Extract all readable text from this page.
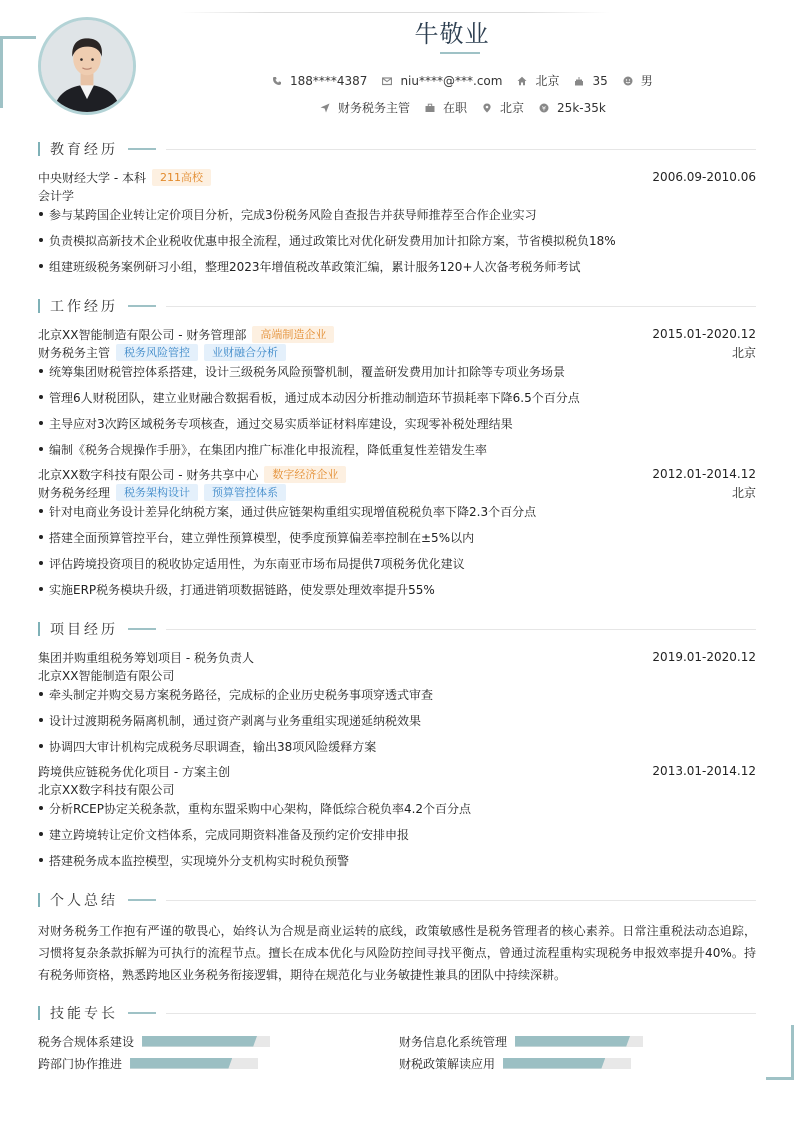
牛敬业
188****4387	niu****@***.com	北京	35	男
财务税务主管	在职	北京	¥ 25k-35k
教育经历
中央财经大学 - 本科	211高校	2006.09-2010.06
会计学
参与某跨国企业转让定价项目分析，完成3份税务风险自查报告并获导师推荐至合作企业实习
负责模拟高新技术企业税收优惠申报全流程，通过政策比对优化研发费用加计扣除方案，节省模拟税负18%
组建班级税务案例研习小组，整理2023年增值税改革政策汇编，累计服务120+人次备考税务师考试
工作经历
北京XX智能制造有限公司 - 财务管理部	高端制造企业	2015.01-2020.12
财务税务主管	税务风险管控	业财融合分析	北京
统筹集团财税管控体系搭建，设计三级税务风险预警机制，覆盖研发费用加计扣除等专项业务场景
管理6人财税团队，建立业财融合数据看板，通过成本动因分析推动制造环节损耗率下降6.5个百分点
主导应对3次跨区域税务专项核查，通过交易实质举证材料库建设，实现零补税处理结果
编制《税务合规操作手册》，在集团内推广标准化申报流程，降低重复性差错发生率
北京XX数字科技有限公司 - 财务共享中心	数字经济企业	2012.01-2014.12
财务税务经理	税务架构设计	预算管控体系	北京
针对电商业务设计差异化纳税方案，通过供应链架构重组实现增值税税负率下降2.3个百分点
搭建全面预算管控平台，建立弹性预算模型，使季度预算偏差率控制在±5%以内
评估跨境投资项目的税收协定适用性，为东南亚市场布局提供7项税务优化建议
实施ERP税务模块升级，打通进销项数据链路，使发票处理效率提升55%
项目经历
集团并购重组税务筹划项目 - 税务负责人	2019.01-2020.12
北京XX智能制造有限公司
牵头制定并购交易方案税务路径，完成标的企业历史税务事项穿透式审查
设计过渡期税务隔离机制，通过资产剥离与业务重组实现递延纳税效果
协调四大审计机构完成税务尽职调查，输出38项风险缓释方案
跨境供应链税务优化项目 - 方案主创	2013.01-2014.12
北京XX数字科技有限公司
分析RCEP协定关税条款，重构东盟采购中心架构，降低综合税负率4.2个百分点
建立跨境转让定价文档体系，完成同期资料准备及预约定价安排申报
搭建税务成本监控模型，实现境外分支机构实时税负预警
个人总结
对财务税务工作抱有严谨的敬畏心，始终认为合规是商业运转的底线，政策敏感性是税务管理者的核心素养。日常注重税法动态追踪，习惯将复杂条款拆解为可执行的流程节点。擅长在成本优化与风险防控间寻找平衡点，曾通过流程重构实现税务申报效率提升40%。持有税务师资格，熟悉跨地区业务税务衔接逻辑，期待在规范化与业务敏捷性兼具的团队中持续深耕。
技能专长
税务合规体系建设	财务信息化系统管理
跨部门协作推进	财税政策解读应用
